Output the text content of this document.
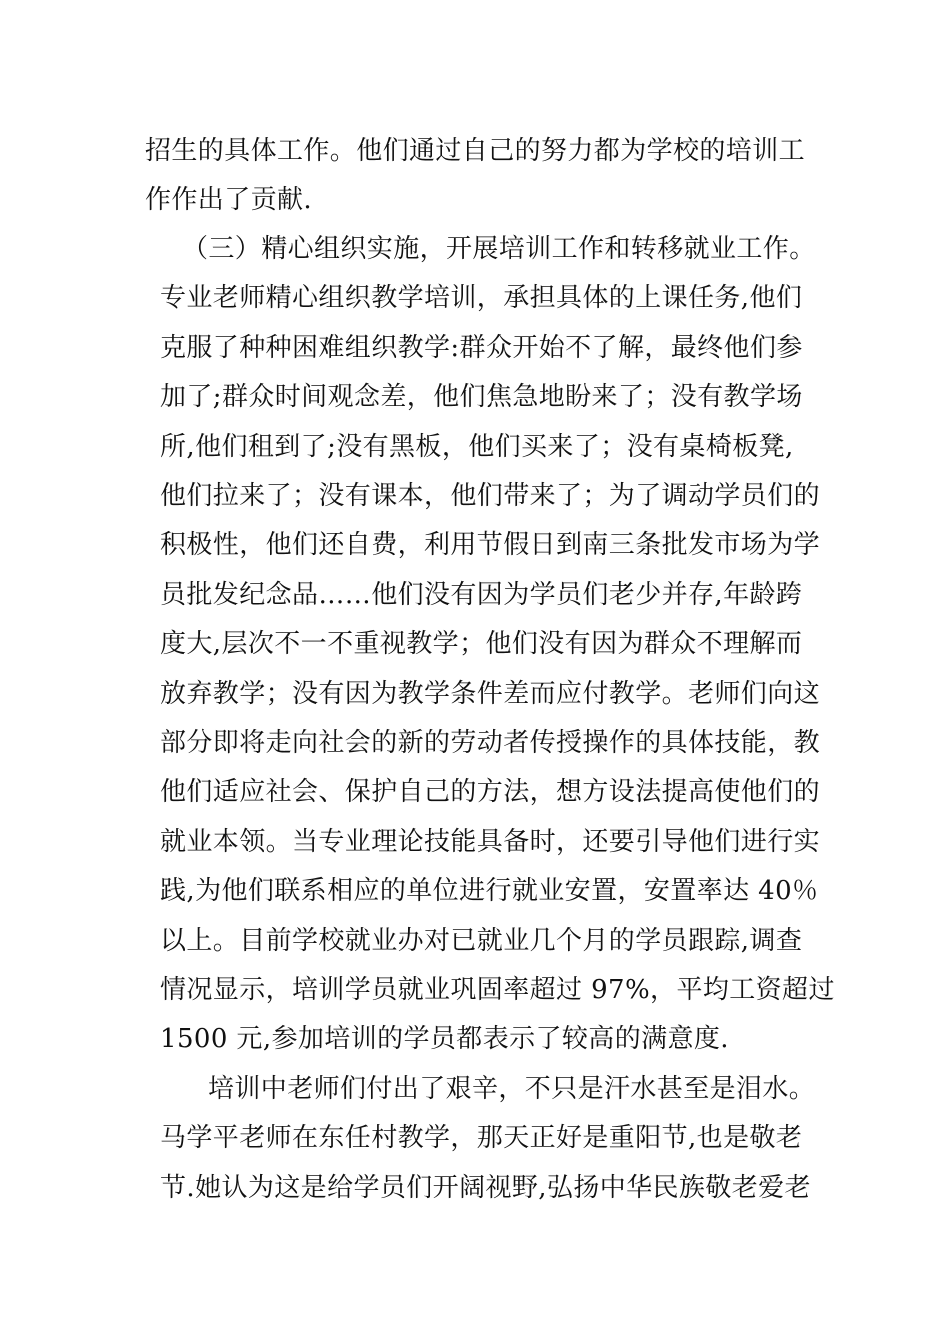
招生的具体工作。他们通过自己的努力都为学校的培训工
作作出了贡献.
（三）精心组织实施，开展培训工作和转移就业工作。
专业老师精心组织教学培训，承担具体的上课任务,他们
克服了种种困难组织教学:群众开始不了解，最终他们参
加了;群众时间观念差，他们焦急地盼来了；没有教学场
所,他们租到了;没有黑板，他们买来了；没有桌椅板凳,
他们拉来了；没有课本，他们带来了；为了调动学员们的
积极性，他们还自费，利用节假日到南三条批发市场为学
员批发纪念品……他们没有因为学员们老少并存,年龄跨
度大,层次不一不重视教学；他们没有因为群众不理解而
放弃教学；没有因为教学条件差而应付教学。老师们向这
部分即将走向社会的新的劳动者传授操作的具体技能，教
他们适应社会、保护自己的方法，想方设法提高使他们的
就业本领。当专业理论技能具备时，还要引导他们进行实
践,为他们联系相应的单位进行就业安置，安置率达 40％
以上。目前学校就业办对已就业几个月的学员跟踪,调查
情况显示，培训学员就业巩固率超过 97%，平均工资超过
1500 元,参加培训的学员都表示了较高的满意度.
培训中老师们付出了艰辛，不只是汗水甚至是泪水。
马学平老师在东任村教学，那天正好是重阳节,也是敬老
节.她认为这是给学员们开阔视野,弘扬中华民族敬老爱老
